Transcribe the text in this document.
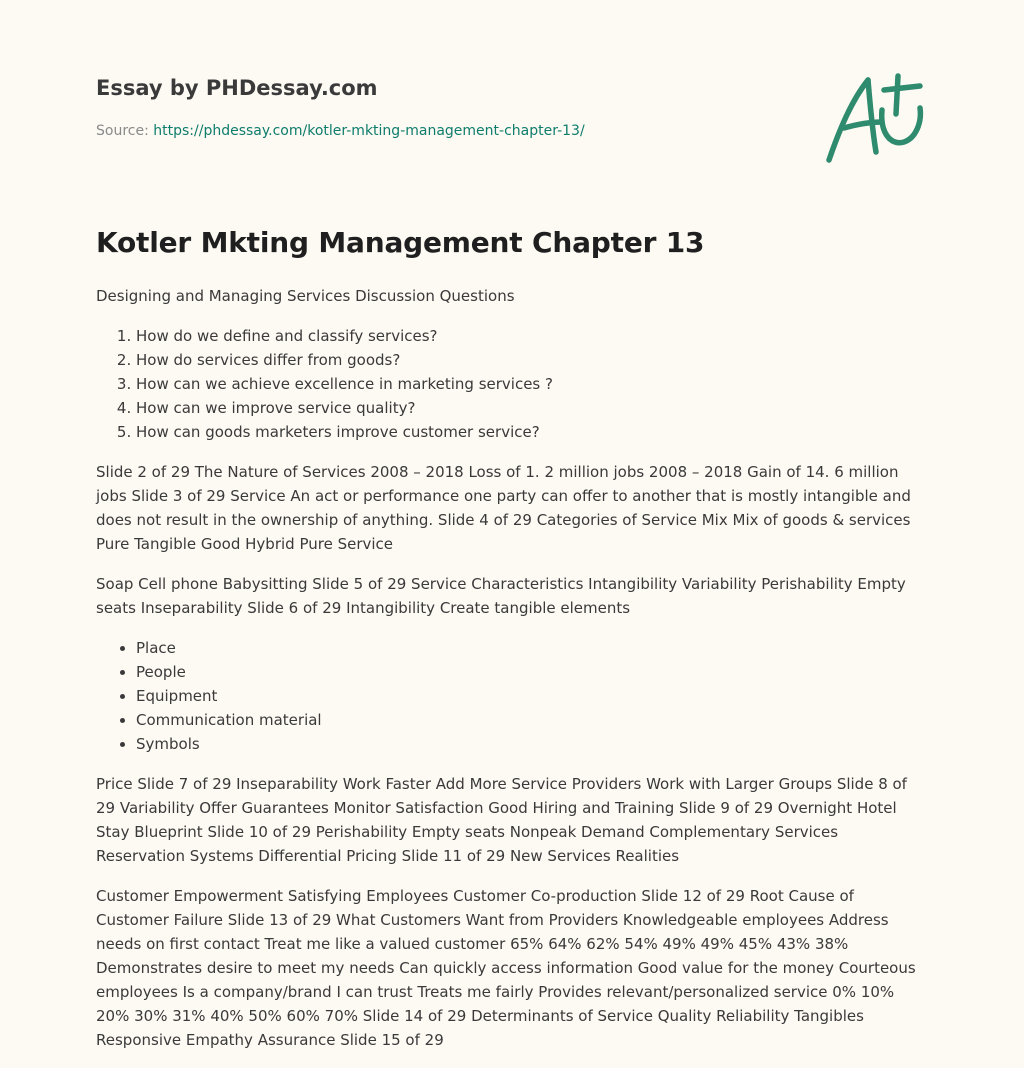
Essay by PHDessay.com
Source: https://phdessay.com/kotler-mkting-management-chapter-13/
Kotler Mkting Management Chapter 13

Designing and Managing Services Discussion Questions

1. How do we define and classify services?
2. How do services differ from goods?
3. How can we achieve excellence in marketing services ?
4. How can we improve service quality?
5. How can goods marketers improve customer service?

Slide 2 of 29 The Nature of Services 2008 – 2018 Loss of 1. 2 million jobs 2008 – 2018 Gain of 14. 6 million jobs Slide 3 of 29 Service An act or performance one party can offer to another that is mostly intangible and does not result in the ownership of anything. Slide 4 of 29 Categories of Service Mix Mix of goods & services Pure Tangible Good Hybrid Pure Service

Soap Cell phone Babysitting Slide 5 of 29 Service Characteristics Intangibility Variability Perishability Empty seats Inseparability Slide 6 of 29 Intangibility Create tangible elements

• Place
• People
• Equipment
• Communication material
• Symbols

Price Slide 7 of 29 Inseparability Work Faster Add More Service Providers Work with Larger Groups Slide 8 of 29 Variability Offer Guarantees Monitor Satisfaction Good Hiring and Training Slide 9 of 29 Overnight Hotel Stay Blueprint Slide 10 of 29 Perishability Empty seats Nonpeak Demand Complementary Services Reservation Systems Differential Pricing Slide 11 of 29 New Services Realities

Customer Empowerment Satisfying Employees Customer Co-production Slide 12 of 29 Root Cause of Customer Failure Slide 13 of 29 What Customers Want from Providers Knowledgeable employees Address needs on first contact Treat me like a valued customer 65% 64% 62% 54% 49% 49% 45% 43% 38% Demonstrates desire to meet my needs Can quickly access information Good value for the money Courteous employees Is a company/brand I can trust Treats me fairly Provides relevant/personalized service 0% 10% 20% 30% 31% 40% 50% 60% 70% Slide 14 of 29 Determinants of Service Quality Reliability Tangibles Responsive Empathy Assurance Slide 15 of 29
